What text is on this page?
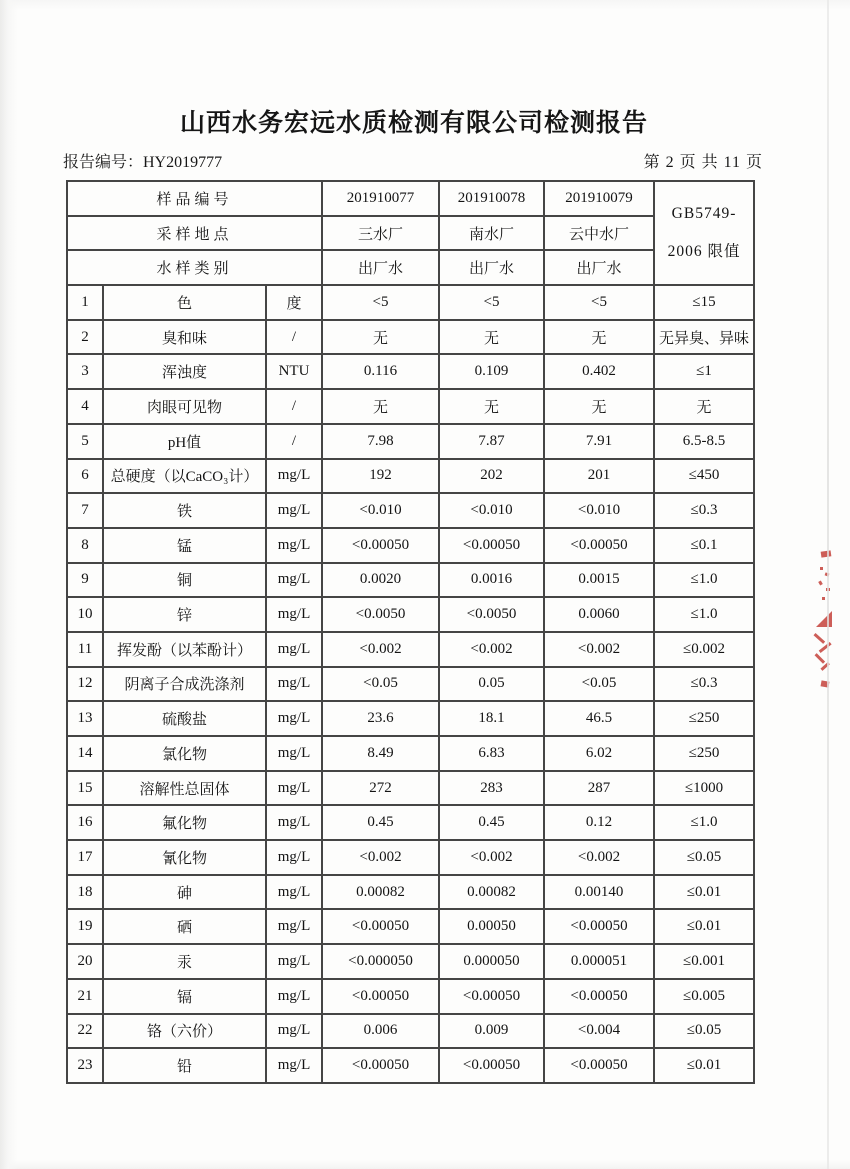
山西水务宏远水质检测有限公司检测报告
报告编号：HY2019777	第 2 页 共 11 页
样品编号			201910077	201910078	201910079	GB5749-
2006 限值
采样地点			三水厂	南水厂	云中水厂	
水样类别			出厂水	出厂水	出厂水	
1	色	度	<5	<5	<5	≤15
2	臭和味	/	无	无	无	无异臭、异味
3	浑浊度	NTU	0.116	0.109	0.402	≤1
4	肉眼可见物	/	无	无	无	无
5	pH值	/	7.98	7.87	7.91	6.5-8.5
6	总硬度（以CaCO₃计）	mg/L	192	202	201	≤450
7	铁	mg/L	<0.010	<0.010	<0.010	≤0.3
8	锰	mg/L	<0.00050	<0.00050	<0.00050	≤0.1
9	铜	mg/L	0.0020	0.0016	0.0015	≤1.0
10	锌	mg/L	<0.0050	<0.0050	0.0060	≤1.0
11	挥发酚（以苯酚计）	mg/L	<0.002	<0.002	<0.002	≤0.002
12	阴离子合成洗涤剂	mg/L	<0.05	0.05	<0.05	≤0.3
13	硫酸盐	mg/L	23.6	18.1	46.5	≤250
14	氯化物	mg/L	8.49	6.83	6.02	≤250
15	溶解性总固体	mg/L	272	283	287	≤1000
16	氟化物	mg/L	0.45	0.45	0.12	≤1.0
17	氰化物	mg/L	<0.002	<0.002	<0.002	≤0.05
18	砷	mg/L	0.00082	0.00082	0.00140	≤0.01
19	硒	mg/L	<0.00050	0.00050	<0.00050	≤0.01
20	汞	mg/L	<0.000050	0.000050	0.000051	≤0.001
21	镉	mg/L	<0.00050	<0.00050	<0.00050	≤0.005
22	铬（六价）	mg/L	0.006	0.009	<0.004	≤0.05
23	铅	mg/L	<0.00050	<0.00050	<0.00050	≤0.01
